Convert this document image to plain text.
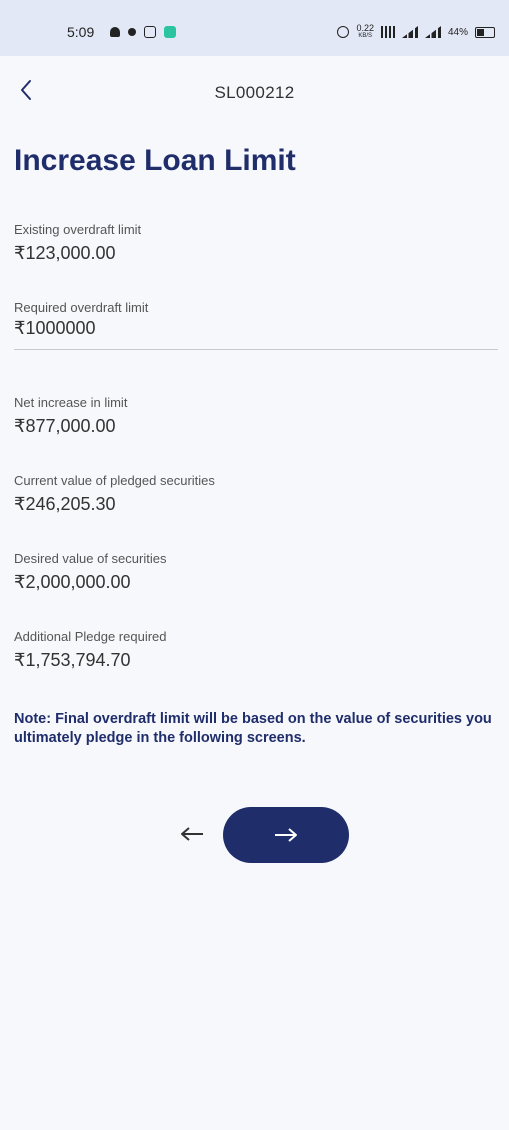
5:09	0.22
KB/S	44%
SL000212
Increase Loan Limit
Existing overdraft limit
₹123,000.00
Required overdraft limit
₹1000000
Net increase in limit
₹877,000.00
Current value of pledged securities
₹246,205.30
Desired value of securities
₹2,000,000.00
Additional Pledge required
₹1,753,794.70

Note: Final overdraft limit will be based on the value of securities you ultimately pledge in the following screens.
